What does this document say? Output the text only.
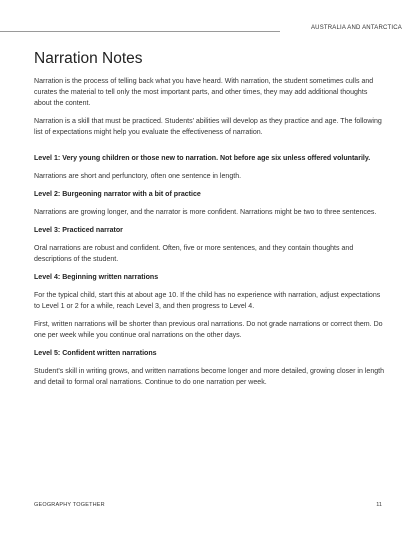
AUSTRALIA AND ANTARCTICA
Narration Notes

Narration is the process of telling back what you have heard. With narration, the student sometimes culls and curates the material to tell only the most important parts, and other times, they may add additional thoughts about the content.

Narration is a skill that must be practiced. Students’ abilities will develop as they practice and age. The following list of expectations might help you evaluate the effectiveness of narration.

Level 1: Very young children or those new to narration. Not before age six unless offered voluntarily.

Narrations are short and perfunctory, often one sentence in length.

Level 2: Burgeoning narrator with a bit of practice

Narrations are growing longer, and the narrator is more confident. Narrations might be two to three sentences.

Level 3: Practiced narrator

Oral narrations are robust and confident. Often, five or more sentences, and they contain thoughts and descriptions of the student.

Level 4: Beginning written narrations

For the typical child, start this at about age 10. If the child has no experience with narration, adjust expectations to Level 1 or 2 for a while, reach Level 3, and then progress to Level 4.

First, written narrations will be shorter than previous oral narrations. Do not grade narrations or correct them. Do one per week while you continue oral narrations on the other days.

Level 5: Confident written narrations

Student’s skill in writing grows, and written narrations become longer and more detailed, growing closer in length and detail to formal oral narrations. Continue to do one narration per week.

GEOGRAPHY TOGETHER	11
